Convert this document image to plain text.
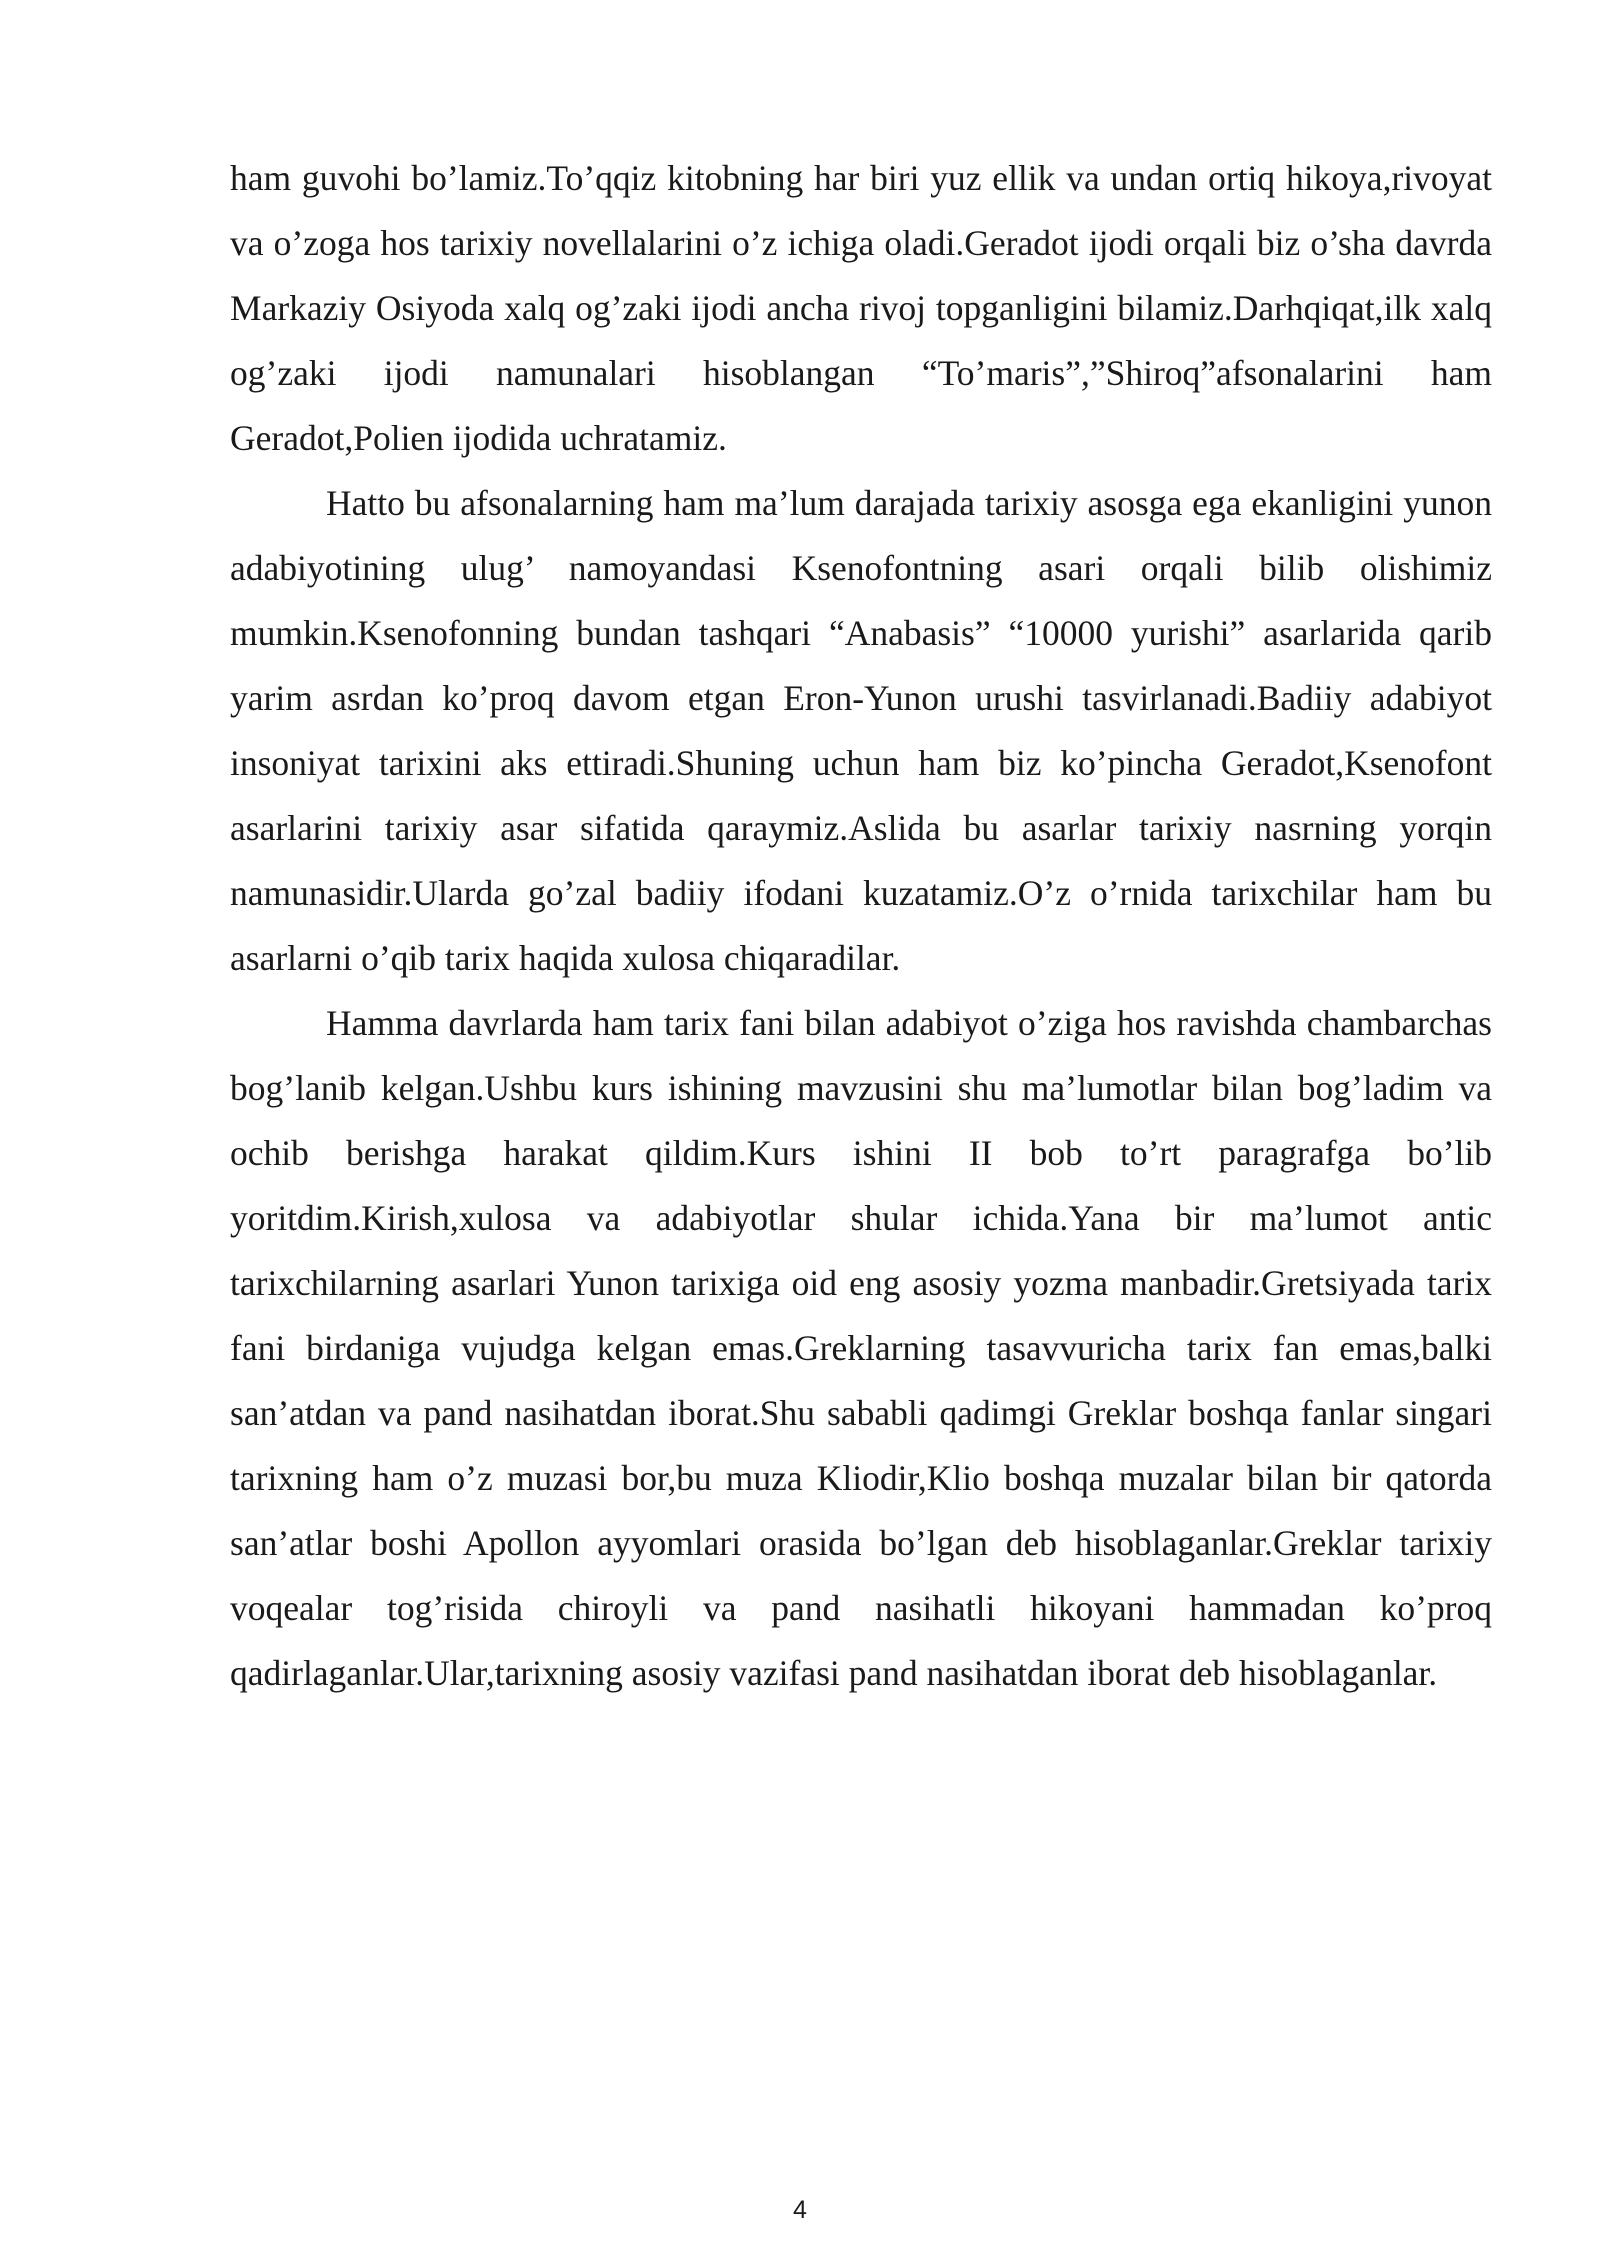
ham guvohi bo’lamiz.To’qqiz kitobning har biri yuz ellik va undan ortiq hikoya,rivoyat va o’zoga hos tarixiy novellalarini o’z ichiga oladi.Geradot ijodi orqali biz o’sha davrda Markaziy Osiyoda xalq og’zaki ijodi ancha rivoj topganligini bilamiz.Darhqiqat,ilk xalq og’zaki ijodi namunalari hisoblangan “To’maris”,”Shiroq”afsonalarini ham Geradot,Polien ijodida uchratamiz.

Hatto bu afsonalarning ham ma’lum darajada tarixiy asosga ega ekanligini yunon adabiyotining ulug’ namoyandasi Ksenofontning asari orqali bilib olishimiz mumkin.Ksenofonning bundan tashqari “Anabasis” “10000 yurishi” asarlarida qarib yarim asrdan ko’proq davom etgan Eron-Yunon urushi tasvirlanadi.Badiiy adabiyot insoniyat tarixini aks ettiradi.Shuning uchun ham biz ko’pincha Geradot,Ksenofont asarlarini tarixiy asar sifatida qaraymiz.Aslida bu asarlar tarixiy nasrning yorqin namunasidir.Ularda go’zal badiiy ifodani kuzatamiz.O’z o’rnida tarixchilar ham bu asarlarni o’qib tarix haqida xulosa chiqaradilar.

Hamma davrlarda ham tarix fani bilan adabiyot o’ziga hos ravishda chambarchas bog’lanib kelgan.Ushbu kurs ishining mavzusini shu ma’lumotlar bilan bog’ladim va ochib berishga harakat qildim.Kurs ishini II bob to’rt paragrafga bo’lib yoritdim.Kirish,xulosa va adabiyotlar shular ichida.Yana bir ma’lumot antic tarixchilarning asarlari Yunon tarixiga oid eng asosiy yozma manbadir.Gretsiyada tarix fani birdaniga vujudga kelgan emas.Greklarning tasavvuricha tarix fan emas,balki san’atdan va pand nasihatdan iborat.Shu sababli qadimgi Greklar boshqa fanlar singari tarixning ham o’z muzasi bor,bu muza Kliodir,Klio boshqa muzalar bilan bir qatorda san’atlar boshi Apollon ayyomlari orasida bo’lgan deb hisoblaganlar.Greklar tarixiy voqealar tog’risida chiroyli va pand nasihatli hikoyani hammadan ko’proq qadirlaganlar.Ular,tarixning asosiy vazifasi pand nasihatdan iborat deb hisoblaganlar.

4
